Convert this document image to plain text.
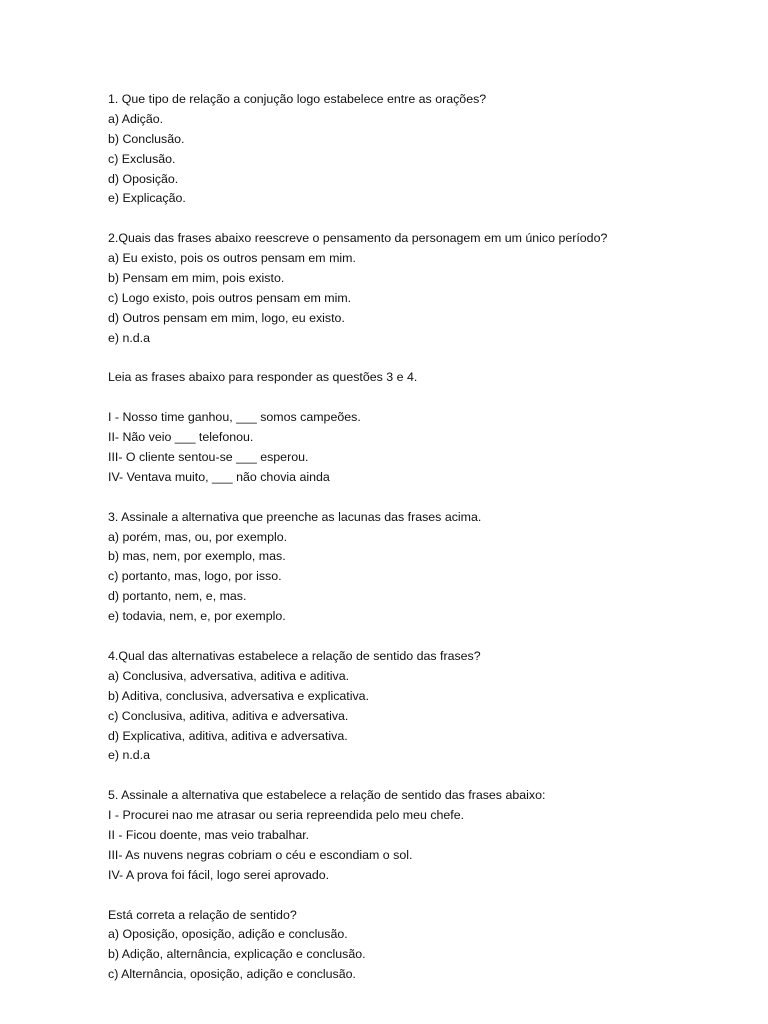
1. Que tipo de relação a conjução logo estabelece entre as orações?
a) Adição.
b) Conclusão.
c) Exclusão.
d) Oposição.
e) Explicação.
2.Quais das frases abaixo reescreve o pensamento da personagem em um único período?
a) Eu existo, pois os outros pensam em mim.
b) Pensam em mim, pois existo.
c) Logo existo, pois outros pensam em mim.
d) Outros pensam em mim, logo, eu existo.
e) n.d.a
Leia as frases abaixo para responder as questões 3 e 4.
I - Nosso time ganhou, ___ somos campeões.
II- Não veio ___ telefonou.
III- O cliente sentou-se ___ esperou.
IV- Ventava muito, ___ não chovia ainda
3. Assinale a alternativa que preenche as lacunas das frases acima.
a) porém, mas, ou, por exemplo.
b) mas, nem, por exemplo, mas.
c) portanto, mas, logo, por isso.
d) portanto, nem, e, mas.
e) todavia, nem, e, por exemplo.
4.Qual das alternativas estabelece a relação de sentido das frases?
a) Conclusiva, adversativa, aditiva e aditiva.
b) Aditiva, conclusiva, adversativa e explicativa.
c) Conclusiva, aditiva, aditiva e adversativa.
d) Explicativa, aditiva, aditiva e adversativa.
e) n.d.a
5. Assinale a alternativa que estabelece a relação de sentido das frases abaixo:
I - Procurei nao me atrasar ou seria repreendida pelo meu chefe.
II - Ficou doente, mas veio trabalhar.
III- As nuvens negras cobriam o céu e escondiam o sol.
IV- A prova foi fácil, logo serei aprovado.
Está correta a relação de sentido?
a) Oposição, oposição, adição e conclusão.
b) Adição, alternância, explicação e conclusão.
c) Alternância, oposição, adição e conclusão.
